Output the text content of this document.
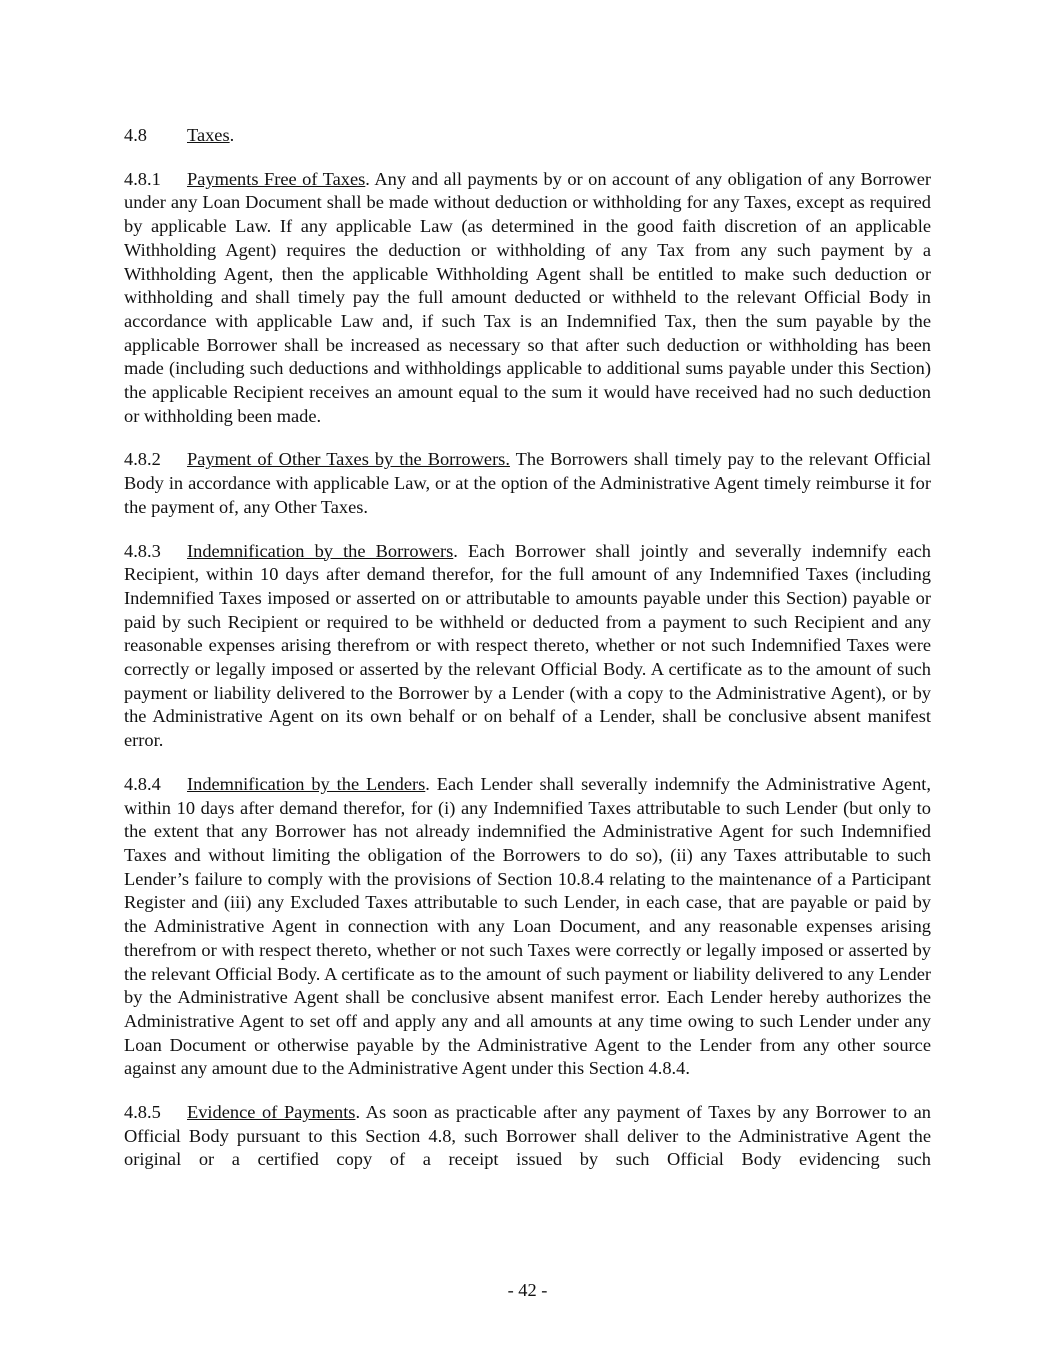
4.8 Taxes.

4.8.1 Payments Free of Taxes. Any and all payments by or on account of any obligation of any Borrower under any Loan Document shall be made without deduction or withholding for any Taxes, except as required by applicable Law. If any applicable Law (as determined in the good faith discretion of an applicable Withholding Agent) requires the deduction or withholding of any Tax from any such payment by a Withholding Agent, then the applicable Withholding Agent shall be entitled to make such deduction or withholding and shall timely pay the full amount deducted or withheld to the relevant Official Body in accordance with applicable Law and, if such Tax is an Indemnified Tax, then the sum payable by the applicable Borrower shall be increased as necessary so that after such deduction or withholding has been made (including such deductions and withholdings applicable to additional sums payable under this Section) the applicable Recipient receives an amount equal to the sum it would have received had no such deduction or withholding been made.

4.8.2 Payment of Other Taxes by the Borrowers. The Borrowers shall timely pay to the relevant Official Body in accordance with applicable Law, or at the option of the Administrative Agent timely reimburse it for the payment of, any Other Taxes.

4.8.3 Indemnification by the Borrowers. Each Borrower shall jointly and severally indemnify each Recipient, within 10 days after demand therefor, for the full amount of any Indemnified Taxes (including Indemnified Taxes imposed or asserted on or attributable to amounts payable under this Section) payable or paid by such Recipient or required to be withheld or deducted from a payment to such Recipient and any reasonable expenses arising therefrom or with respect thereto, whether or not such Indemnified Taxes were correctly or legally imposed or asserted by the relevant Official Body. A certificate as to the amount of such payment or liability delivered to the Borrower by a Lender (with a copy to the Administrative Agent), or by the Administrative Agent on its own behalf or on behalf of a Lender, shall be conclusive absent manifest error.

4.8.4 Indemnification by the Lenders. Each Lender shall severally indemnify the Administrative Agent, within 10 days after demand therefor, for (i) any Indemnified Taxes attributable to such Lender (but only to the extent that any Borrower has not already indemnified the Administrative Agent for such Indemnified Taxes and without limiting the obligation of the Borrowers to do so), (ii) any Taxes attributable to such Lender’s failure to comply with the provisions of Section 10.8.4 relating to the maintenance of a Participant Register and (iii) any Excluded Taxes attributable to such Lender, in each case, that are payable or paid by the Administrative Agent in connection with any Loan Document, and any reasonable expenses arising therefrom or with respect thereto, whether or not such Taxes were correctly or legally imposed or asserted by the relevant Official Body. A certificate as to the amount of such payment or liability delivered to any Lender by the Administrative Agent shall be conclusive absent manifest error. Each Lender hereby authorizes the Administrative Agent to set off and apply any and all amounts at any time owing to such Lender under any Loan Document or otherwise payable by the Administrative Agent to the Lender from any other source against any amount due to the Administrative Agent under this Section 4.8.4.

4.8.5 Evidence of Payments. As soon as practicable after any payment of Taxes by any Borrower to an Official Body pursuant to this Section 4.8, such Borrower shall deliver to the Administrative Agent the original or a certified copy of a receipt issued by such Official Body evidencing such

- 42 -
